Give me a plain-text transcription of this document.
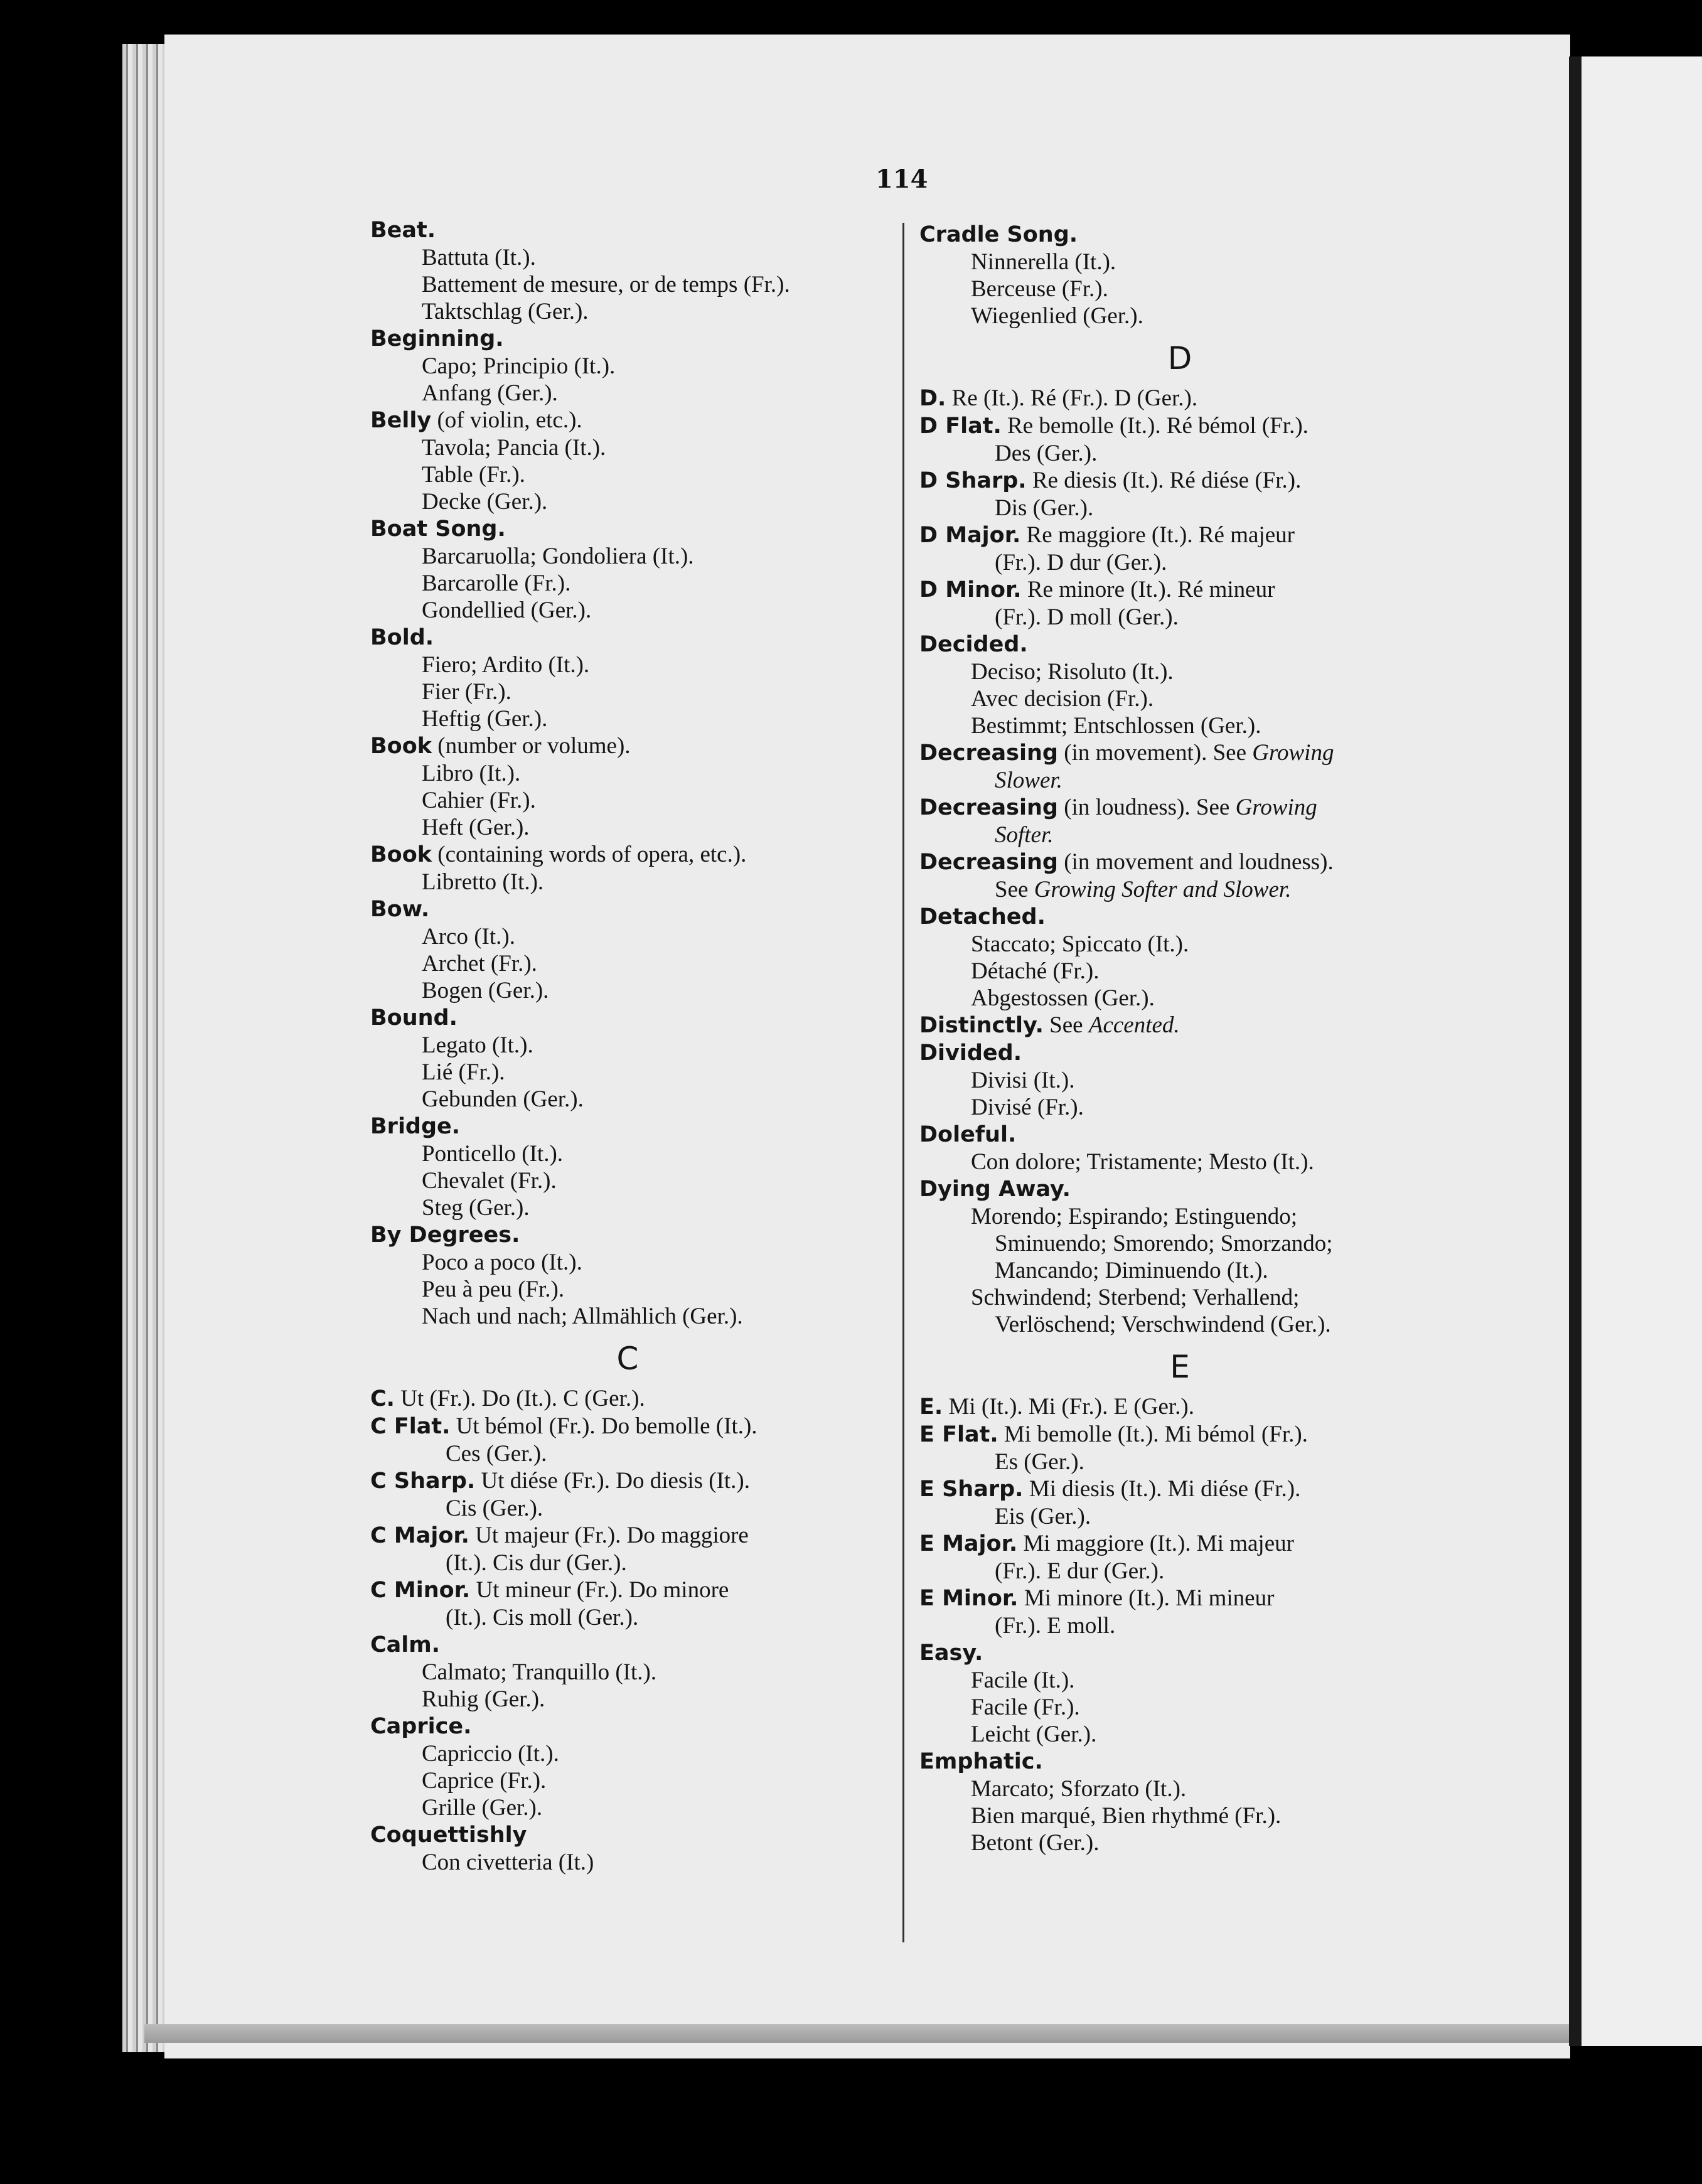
114
Beat.
Battuta (It.).
Battement de mesure, or de temps (Fr.).
Taktschlag (Ger.).
Beginning.
Capo; Principio (It.).
Anfang (Ger.).
Belly (of violin, etc.).
Tavola; Pancia (It.).
Table (Fr.).
Decke (Ger.).
Boat Song.
Barcaruolla; Gondoliera (It.).
Barcarolle (Fr.).
Gondellied (Ger.).
Bold.
Fiero; Ardito (It.).
Fier (Fr.).
Heftig (Ger.).
Book (number or volume).
Libro (It.).
Cahier (Fr.).
Heft (Ger.).
Book (containing words of opera, etc.).
Libretto (It.).
Bow.
Arco (It.).
Archet (Fr.).
Bogen (Ger.).
Bound.
Legato (It.).
Lié (Fr.).
Gebunden (Ger.).
Bridge.
Ponticello (It.).
Chevalet (Fr.).
Steg (Ger.).
By Degrees.
Poco a poco (It.).
Peu à peu (Fr.).
Nach und nach; Allmählich (Ger.).
C
C. Ut (Fr.). Do (It.). C (Ger.).
C Flat. Ut bémol (Fr.). Do bemolle (It.).
Ces (Ger.).
C Sharp. Ut diése (Fr.). Do diesis (It.).
Cis (Ger.).
C Major. Ut majeur (Fr.). Do maggiore
(It.). Cis dur (Ger.).
C Minor. Ut mineur (Fr.). Do minore
(It.). Cis moll (Ger.).
Calm.
Calmato; Tranquillo (It.).
Ruhig (Ger.).
Caprice.
Capriccio (It.).
Caprice (Fr.).
Grille (Ger.).
Coquettishly
Con civetteria (It.)
Cradle Song.
Ninnerella (It.).
Berceuse (Fr.).
Wiegenlied (Ger.).
D
D. Re (It.). Ré (Fr.). D (Ger.).
D Flat. Re bemolle (It.). Ré bémol (Fr.).
Des (Ger.).
D Sharp. Re diesis (It.). Ré diése (Fr.).
Dis (Ger.).
D Major. Re maggiore (It.). Ré majeur
(Fr.). D dur (Ger.).
D Minor. Re minore (It.). Ré mineur
(Fr.). D moll (Ger.).
Decided.
Deciso; Risoluto (It.).
Avec decision (Fr.).
Bestimmt; Entschlossen (Ger.).
Decreasing (in movement). See Growing
Slower.
Decreasing (in loudness). See Growing
Softer.
Decreasing (in movement and loudness).
See Growing Softer and Slower.
Detached.
Staccato; Spiccato (It.).
Détaché (Fr.).
Abgestossen (Ger.).
Distinctly. See Accented.
Divided.
Divisi (It.).
Divisé (Fr.).
Doleful.
Con dolore; Tristamente; Mesto (It.).
Dying Away.
Morendo; Espirando; Estinguendo;
Sminuendo; Smorendo; Smorzando;
Mancando; Diminuendo (It.).
Schwindend; Sterbend; Verhallend;
Verlöschend; Verschwindend (Ger.).
E
E. Mi (It.). Mi (Fr.). E (Ger.).
E Flat. Mi bemolle (It.). Mi bémol (Fr.).
Es (Ger.).
E Sharp. Mi diesis (It.). Mi diése (Fr.).
Eis (Ger.).
E Major. Mi maggiore (It.). Mi majeur
(Fr.). E dur (Ger.).
E Minor. Mi minore (It.). Mi mineur
(Fr.). E moll.
Easy.
Facile (It.).
Facile (Fr.).
Leicht (Ger.).
Emphatic.
Marcato; Sforzato (It.).
Bien marqué, Bien rhythmé (Fr.).
Betont (Ger.).
